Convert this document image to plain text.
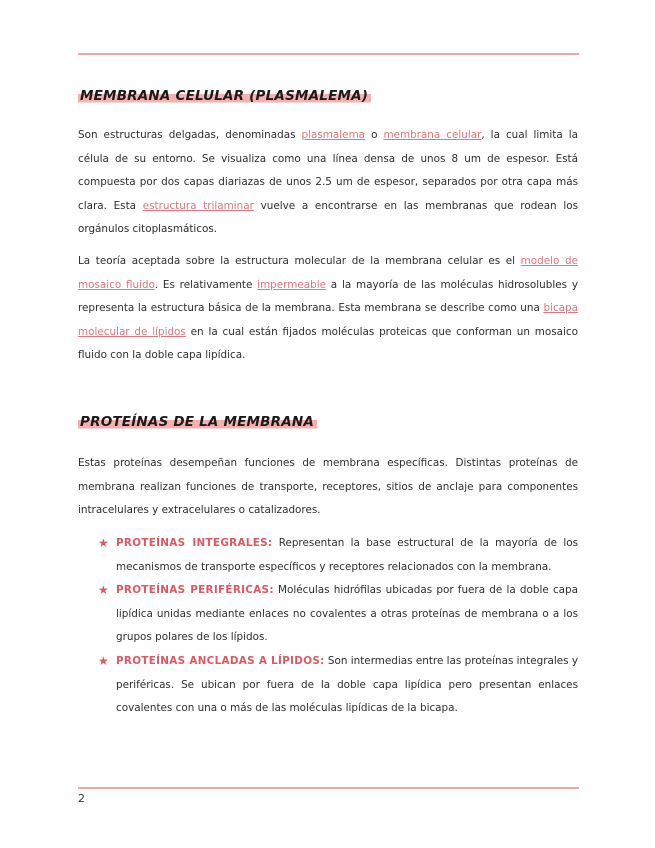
MEMBRANA CELULAR (PLASMALEMA)

Son estructuras delgadas, denominadas plasmalema o membrana celular, la cual limita la célula de su entorno. Se visualiza como una línea densa de unos 8 um de espesor. Está compuesta por dos capas diariazas de unos 2.5 um de espesor, separados por otra capa más clara. Esta estructura trilaminar vuelve a encontrarse en las membranas que rodean los orgánulos citoplasmáticos.

La teoría aceptada sobre la estructura molecular de la membrana celular es el modelo de mosaico fluido. Es relativamente impermeable a la mayoría de las moléculas hidrosolubles y representa la estructura básica de la membrana. Esta membrana se describe como una bicapa molecular de lípidos en la cual están fijados moléculas proteicas que conforman un mosaico fluido con la doble capa lipídica.

PROTEÍNAS DE LA MEMBRANA

Estas proteínas desempeñan funciones de membrana específicas. Distintas proteínas de membrana realizan funciones de transporte, receptores, sitios de anclaje para componentes intracelulares y extracelulares o catalizadores.

★ PROTEÍNAS INTEGRALES: Representan la base estructural de la mayoría de los mecanismos de transporte específicos y receptores relacionados con la membrana.
★ PROTEÍNAS PERIFÉRICAS: Moléculas hidrófilas ubicadas por fuera de la doble capa lipídica unidas mediante enlaces no covalentes a otras proteínas de membrana o a los grupos polares de los lípidos.
★ PROTEÍNAS ANCLADAS A LÍPIDOS: Son intermedias entre las proteínas integrales y periféricas. Se ubican por fuera de la doble capa lipídica pero presentan enlaces covalentes con una o más de las moléculas lipídicas de la bicapa.
2
